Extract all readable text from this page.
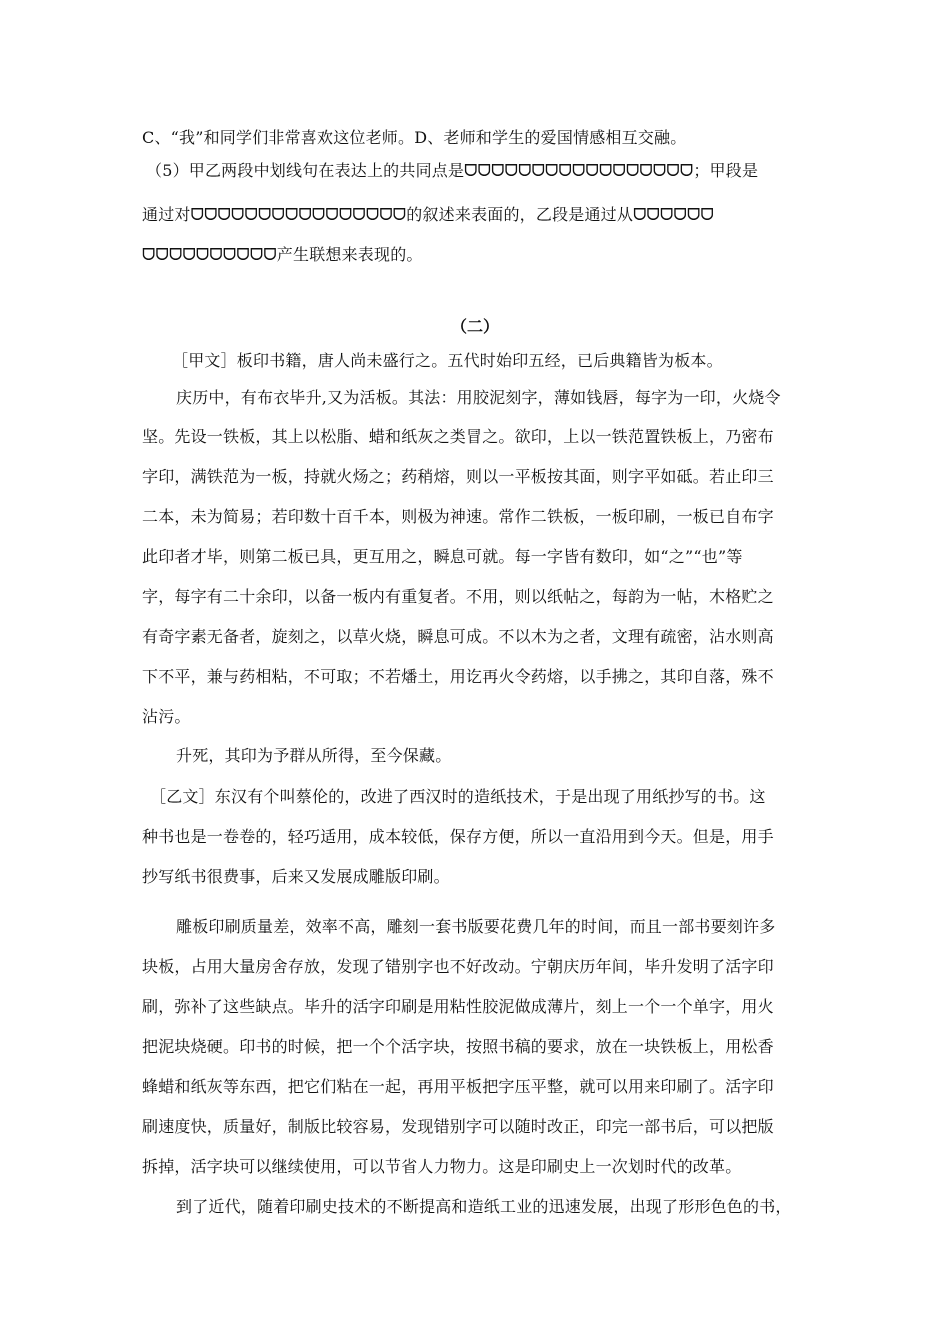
C、“我”和同学们非常喜欢这位老师。D、老师和学生的爱国情感相互交融。
（5）甲乙两段中划线句在表达上的共同点是ᗜᗜᗜᗜᗜᗜᗜᗜᗜᗜᗜᗜᗜᗜᗜᗜᗜ；甲段是
通过对ᗜᗜᗜᗜᗜᗜᗜᗜᗜᗜᗜᗜᗜᗜᗜᗜ的叙述来表面的，乙段是通过从ᗜᗜᗜᗜᗜᗜ
ᗜᗜᗜᗜᗜᗜᗜᗜᗜᗜ产生联想来表现的。
（二）
［甲文］板印书籍，唐人尚未盛行之。五代时始印五经，已后典籍皆为板本。
庆历中，有布衣毕升,又为活板。其法：用胶泥刻字，薄如钱唇，每字为一印，火烧令
坚。先设一铁板，其上以松脂、蜡和纸灰之类冒之。欲印，上以一铁范置铁板上，乃密布
字印，满铁范为一板，持就火炀之；药稍熔，则以一平板按其面，则字平如砥。若止印三
二本，未为简易；若印数十百千本，则极为神速。常作二铁板，一板印刷，一板已自布字
此印者才毕，则第二板已具，更互用之，瞬息可就。每一字皆有数印，如“之”“也”等
字，每字有二十余印，以备一板内有重复者。不用，则以纸帖之，每韵为一帖，木格贮之
有奇字素无备者，旋刻之，以草火烧，瞬息可成。不以木为之者，文理有疏密，沾水则高
下不平，兼与药相粘，不可取；不若燔土，用讫再火令药熔，以手拂之，其印自落，殊不
沾污。
升死，其印为予群从所得，至今保藏。
［乙文］东汉有个叫蔡伦的，改进了西汉时的造纸技术，于是出现了用纸抄写的书。这
种书也是一卷卷的，轻巧适用，成本较低，保存方便，所以一直沿用到今天。但是，用手
抄写纸书很费事，后来又发展成雕版印刷。
雕板印刷质量差，效率不高，雕刻一套书版要花费几年的时间，而且一部书要刻许多
块板，占用大量房舍存放，发现了错别字也不好改动。宁朝庆历年间，毕升发明了活字印
刷，弥补了这些缺点。毕升的活字印刷是用粘性胶泥做成薄片，刻上一个一个单字，用火
把泥块烧硬。印书的时候，把一个个活字块，按照书稿的要求，放在一块铁板上，用松香
蜂蜡和纸灰等东西，把它们粘在一起，再用平板把字压平整，就可以用来印刷了。活字印
刷速度快，质量好，制版比较容易，发现错别字可以随时改正，印完一部书后，可以把版
拆掉，活字块可以继续使用，可以节省人力物力。这是印刷史上一次划时代的改革。
到了近代，随着印刷史技术的不断提高和造纸工业的迅速发展，出现了形形色色的书，
